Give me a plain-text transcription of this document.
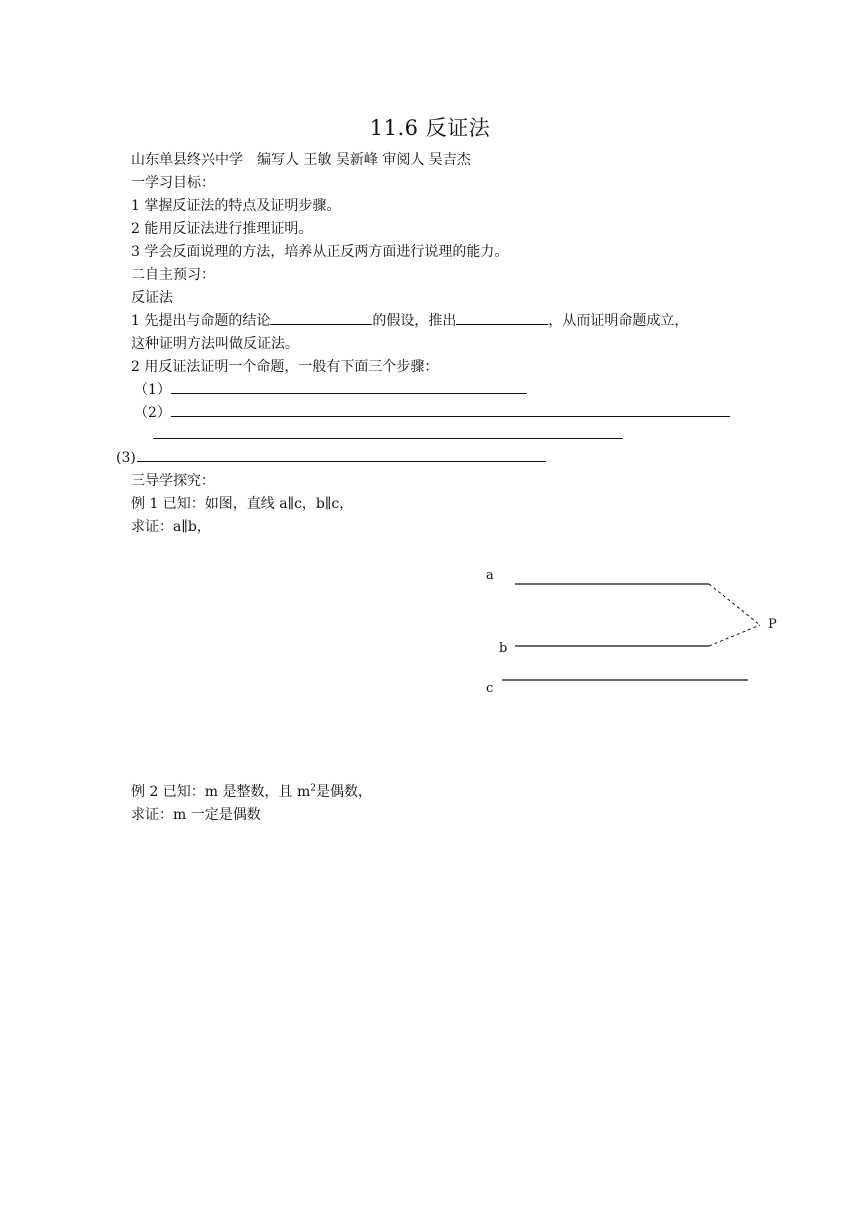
11.6 反证法
山东单县终兴中学　编写人 王敏 吴新峰 审阅人 吴吉杰
一学习目标：
1 掌握反证法的特点及证明步骤。
2 能用反证法进行推理证明。
3 学会反面说理的方法，培养从正反两方面进行说理的能力。
二自主预习：
反证法
1 先提出与命题的结论	的假设，推出	，从而证明命题成立，
这种证明方法叫做反证法。
2 用反证法证明一个命题，一般有下面三个步骤：
（1）
（2）
(3)
三导学探究：
例 1 已知：如图，直线 a∥c，b∥c，
求证：a∥b，
a
b
c
P
例 2 已知：m 是整数，且 $m^2$是偶数，
求证：m 一定是偶数
